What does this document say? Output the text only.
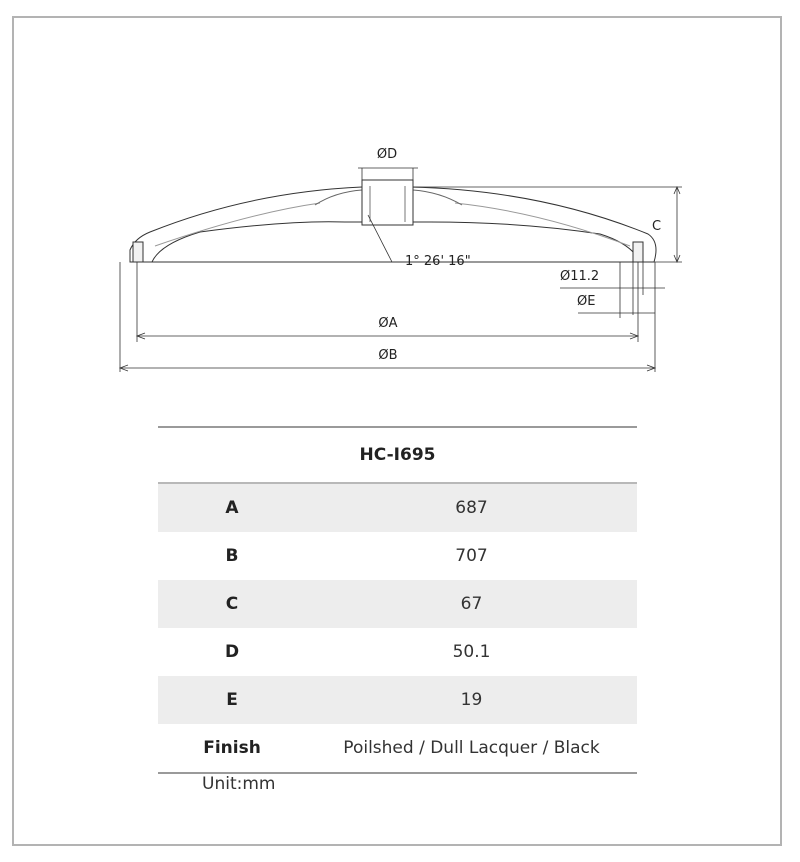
ØD
C
1° 26' 16"
Ø11.2
ØE
ØA
ØB
HC-I695	
A	687
B	707
C	67
D	50.1
E	19
Finish	Poilshed / Dull Lacquer / Black
Unit:mm
